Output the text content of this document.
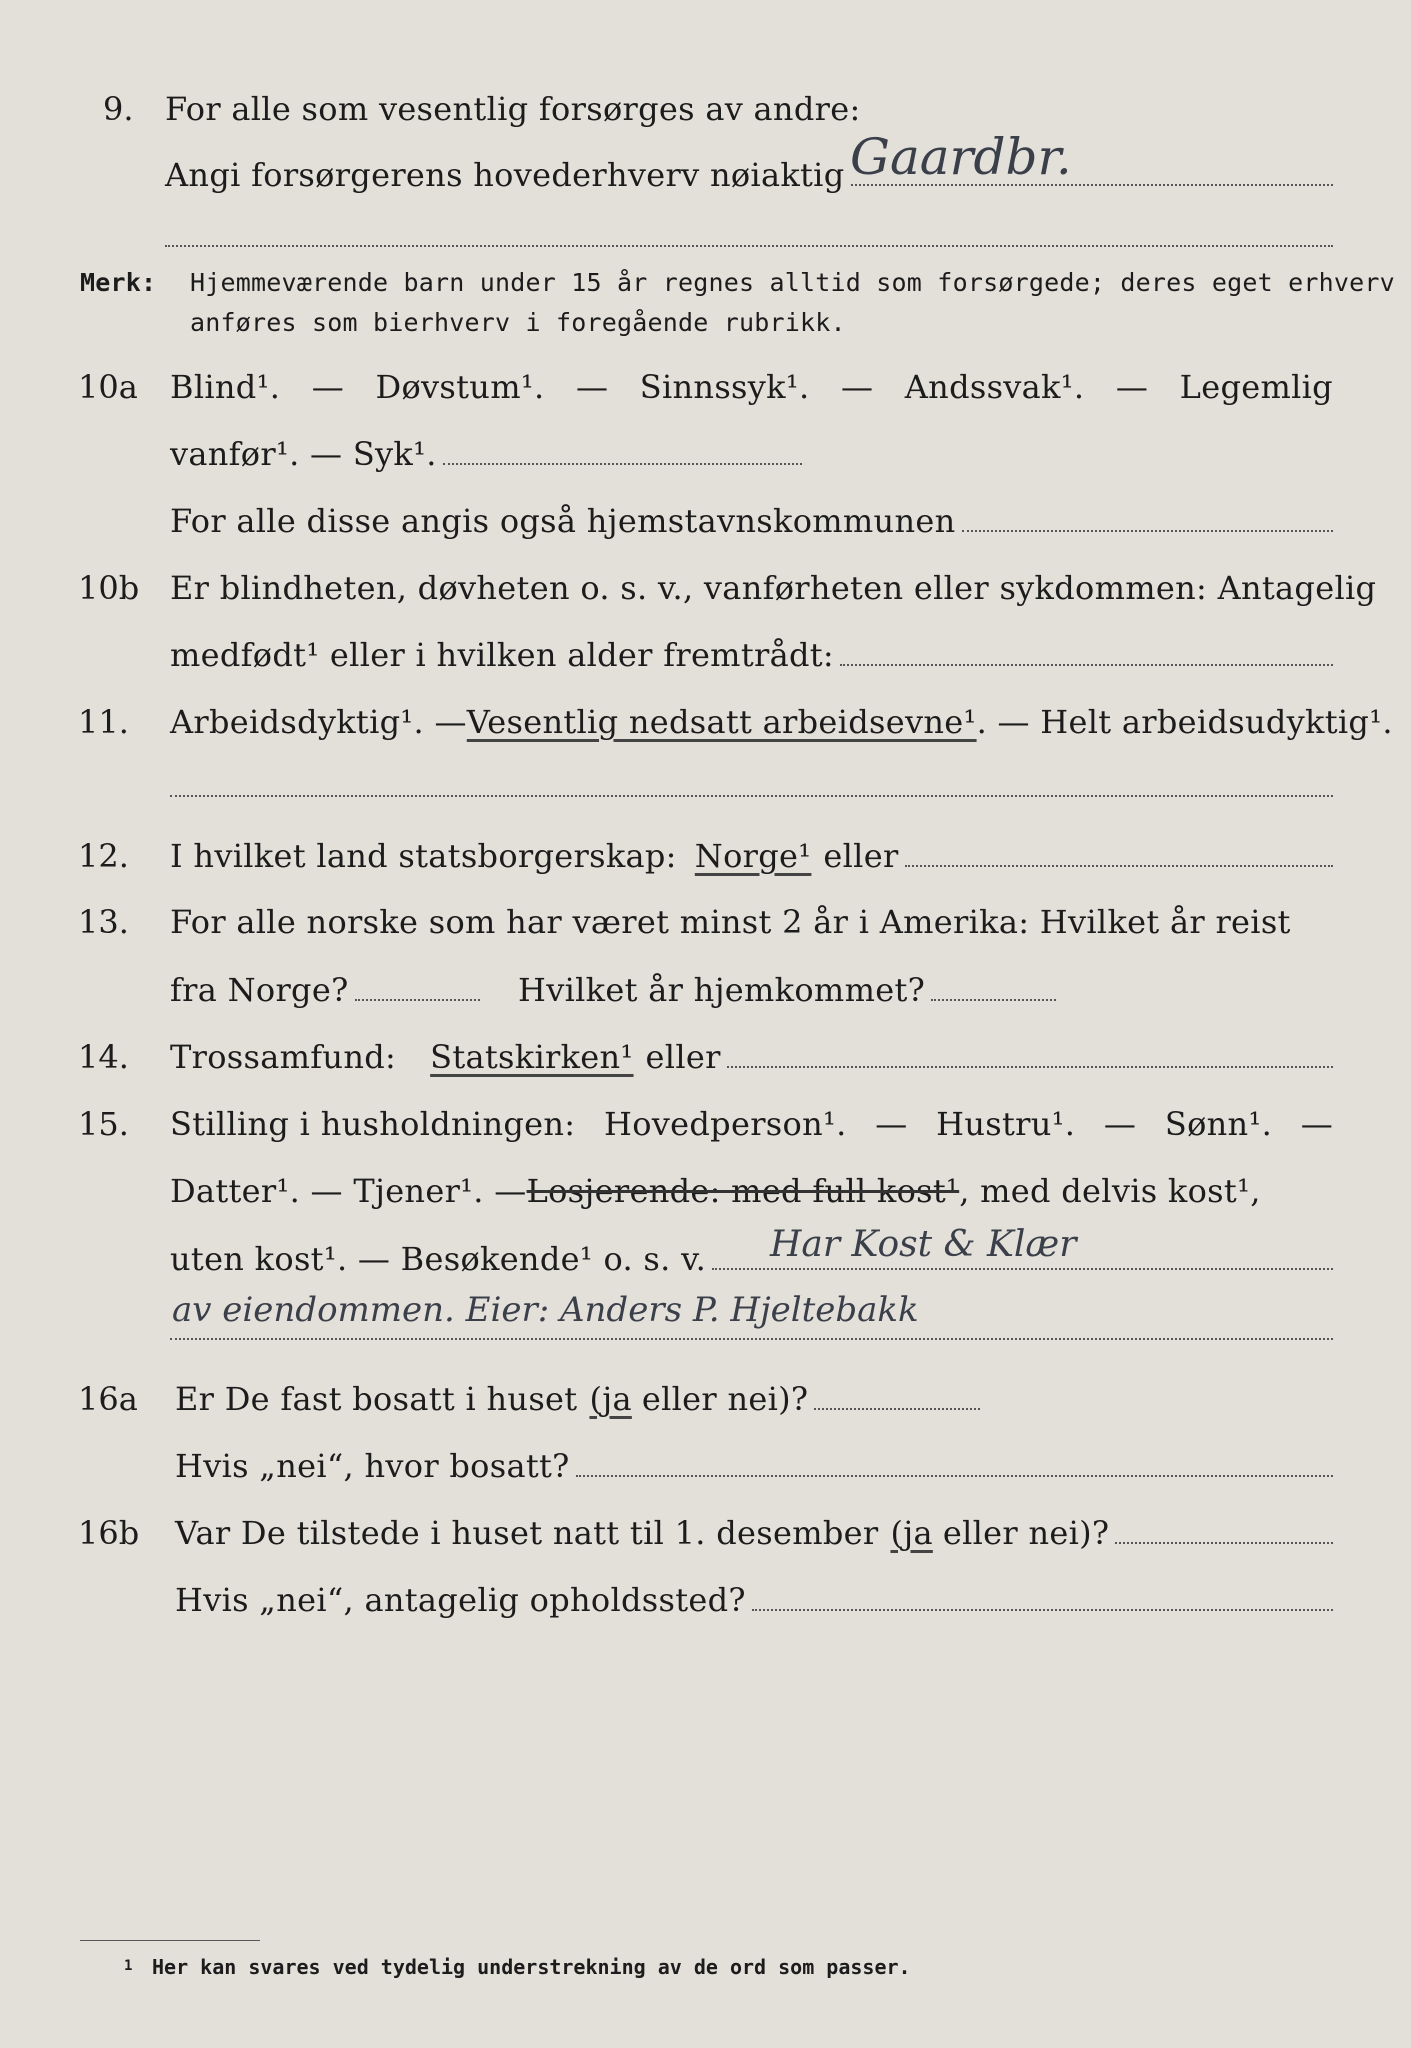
9. For alle som vesentlig forsørges av andre:
Angi forsørgerens hovederhverv nøiaktig Gaardbr.
Merk: Hjemmeværende barn under 15 år regnes alltid som forsørgede; deres eget erhverv
anføres som bierhverv i foregående rubrikk.
10a Blind¹. — Døvstum¹. — Sinnssyk¹. — Andssvak¹. — Legemlig
vanfør¹. — Syk¹.
For alle disse angis også hjemstavnskommunen
10b Er blindheten, døvheten o. s. v., vanførheten eller sykdommen: Antagelig
medfødt¹ eller i hvilken alder fremtrådt:
11. Arbeidsdyktig¹. — Vesentlig nedsatt arbeidsevne¹ . — Helt arbeidsudyktig¹.
12. I hvilket land statsborgerskap: Norge¹ eller
13. For alle norske som har været minst 2 år i Amerika: Hvilket år reist
fra Norge?	Hvilket år hjemkommet?
14. Trossamfund: Statskirken¹ eller
15. Stilling i husholdningen: Hovedperson¹. — Hustru¹. — Sønn¹. —
Datter¹. — Tjener¹. — Losjerende: med full kost¹ , med delvis kost¹,
uten kost¹. — Besøkende¹ o. s. v. Har Kost & Klær
av eiendommen. Eier: Anders P. Hjeltebakk
16a Er De fast bosatt i huset (ja eller nei)?
Hvis „nei“, hvor bosatt?
16b Var De tilstede i huset natt til 1. desember (ja eller nei)?
Hvis „nei“, antagelig opholdssted?
1 Her kan svares ved tydelig understrekning av de ord som passer.
